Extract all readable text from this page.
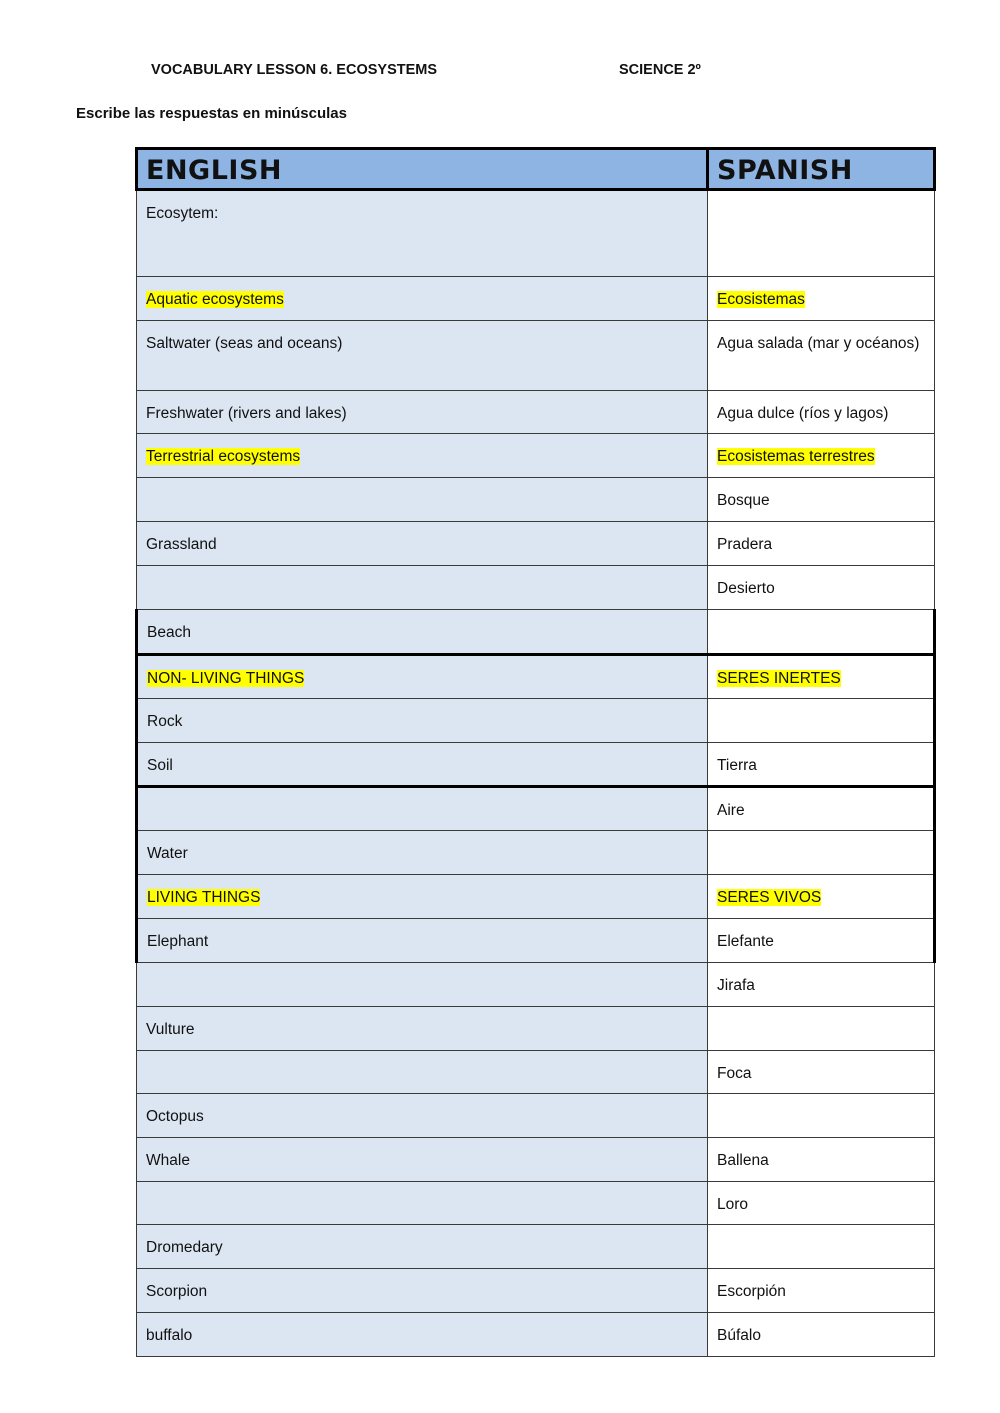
VOCABULARY LESSON 6. ECOSYSTEMS	SCIENCE 2º
Escribe las respuestas en minúsculas
ENGLISH	SPANISH
Ecosytem:	
Aquatic ecosystems	Ecosistemas
Saltwater (seas and oceans)	Agua salada (mar y océanos)
Freshwater (rivers and lakes)	Agua dulce (ríos y lagos)
Terrestrial ecosystems	Ecosistemas terrestres
	Bosque
Grassland	Pradera
	Desierto
Beach	
NON- LIVING THINGS	SERES INERTES
Rock	
Soil	Tierra
	Aire
Water	
LIVING THINGS	SERES VIVOS
Elephant	Elefante
	Jirafa
Vulture	
	Foca
Octopus	
Whale	Ballena
	Loro
Dromedary	
Scorpion	Escorpión
buffalo	Búfalo
